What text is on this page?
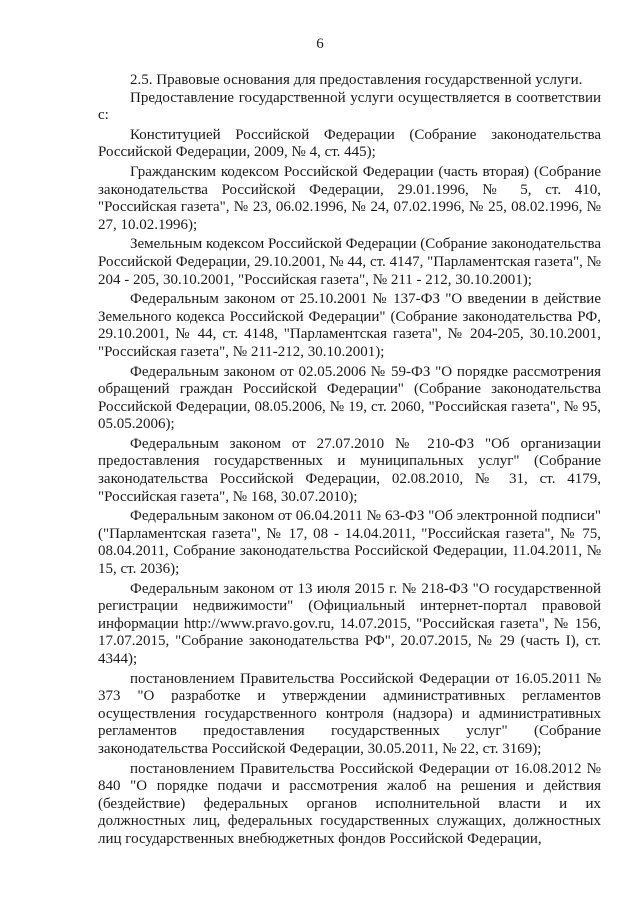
6

2.5. Правовые основания для предоставления государственной услуги.

Предоставление государственной услуги осуществляется в соответствии с:

Конституцией Российской Федерации (Собрание законодательства Российской Федерации, 2009, № 4, ст. 445);

Гражданским кодексом Российской Федерации (часть вторая) (Собрание законодательства Российской Федерации, 29.01.1996, № 5, ст. 410, "Российская газета", № 23, 06.02.1996, № 24, 07.02.1996, № 25, 08.02.1996, № 27, 10.02.1996);

Земельным кодексом Российской Федерации (Собрание законодательства Российской Федерации, 29.10.2001, № 44, ст. 4147, "Парламентская газета", № 204 - 205, 30.10.2001, "Российская газета", № 211 - 212, 30.10.2001);

Федеральным законом от 25.10.2001 № 137-ФЗ "О введении в действие Земельного кодекса Российской Федерации" (Собрание законодательства РФ, 29.10.2001, № 44, ст. 4148, "Парламентская газета", № 204-205, 30.10.2001, "Российская газета", № 211-212, 30.10.2001);

Федеральным законом от 02.05.2006 № 59-ФЗ "О порядке рассмотрения обращений граждан Российской Федерации" (Собрание законодательства Российской Федерации, 08.05.2006, № 19, ст. 2060, "Российская газета", № 95, 05.05.2006);

Федеральным законом от 27.07.2010 № 210-ФЗ "Об организации предоставления государственных и муниципальных услуг" (Собрание законодательства Российской Федерации, 02.08.2010, № 31, ст. 4179, "Российская газета", № 168, 30.07.2010);

Федеральным законом от 06.04.2011 № 63-ФЗ "Об электронной подписи" ("Парламентская газета", № 17, 08 - 14.04.2011, "Российская газета", № 75, 08.04.2011, Собрание законодательства Российской Федерации, 11.04.2011, № 15, ст. 2036);

Федеральным законом от 13 июля 2015 г. № 218-ФЗ "О государственной регистрации недвижимости" (Официальный интернет-портал правовой информации http://www.pravo.gov.ru, 14.07.2015, "Российская газета", № 156, 17.07.2015, "Собрание законодательства РФ", 20.07.2015, № 29 (часть I), ст. 4344);

постановлением Правительства Российской Федерации от 16.05.2011 № 373 "О разработке и утверждении административных регламентов осуществления государственного контроля (надзора) и административных регламентов предоставления государственных услуг" (Собрание законодательства Российской Федерации, 30.05.2011, № 22, ст. 3169);

постановлением Правительства Российской Федерации от 16.08.2012 № 840 "О порядке подачи и рассмотрения жалоб на решения и действия (бездействие) федеральных органов исполнительной власти и их должностных лиц, федеральных государственных служащих, должностных лиц государственных внебюджетных фондов Российской Федерации,
